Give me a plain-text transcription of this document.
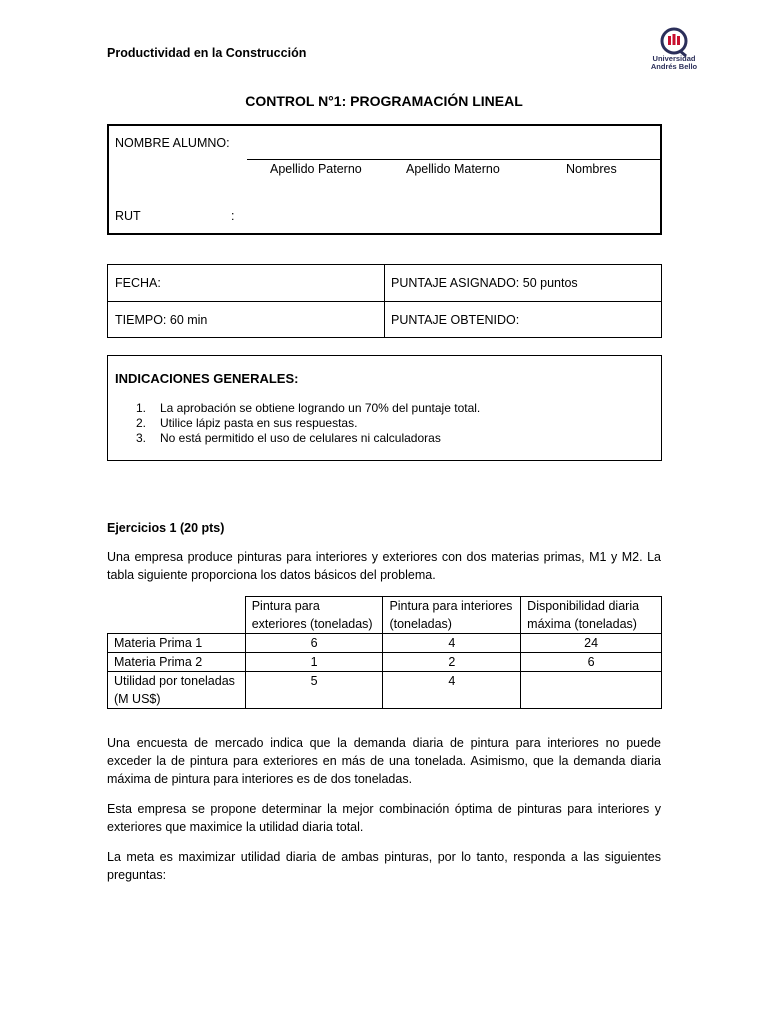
Productividad en la Construcción	Universidad
Andrés Bello
CONTROL N°1: PROGRAMACIÓN LINEAL
NOMBRE ALUMNO:
Apellido Paterno	Apellido Materno	Nombres
RUT	:
FECHA:	PUNTAJE ASIGNADO: 50 puntos
TIEMPO: 60 min	PUNTAJE OBTENIDO:
INDICACIONES GENERALES:
1. La aprobación se obtiene logrando un 70% del puntaje total.
2. Utilice lápiz pasta en sus respuestas.
3. No está permitido el uso de celulares ni calculadoras
Ejercicios 1 (20 pts)
Una empresa produce pinturas para interiores y exteriores con dos materias primas, M1 y M2. La tabla siguiente proporciona los datos básicos del problema.
	Pintura para exteriores (toneladas)	Pintura para interiores (toneladas)	Disponibilidad diaria máxima (toneladas)
Materia Prima 1	6	4	24
Materia Prima 2	1	2	6
Utilidad por toneladas (M US$)	5	4	
Una encuesta de mercado indica que la demanda diaria de pintura para interiores no puede exceder la de pintura para exteriores en más de una tonelada. Asimismo, que la demanda diaria máxima de pintura para interiores es de dos toneladas.
Esta empresa se propone determinar la mejor combinación óptima de pinturas para interiores y exteriores que maximice la utilidad diaria total.
La meta es maximizar utilidad diaria de ambas pinturas, por lo tanto, responda a las siguientes preguntas:
